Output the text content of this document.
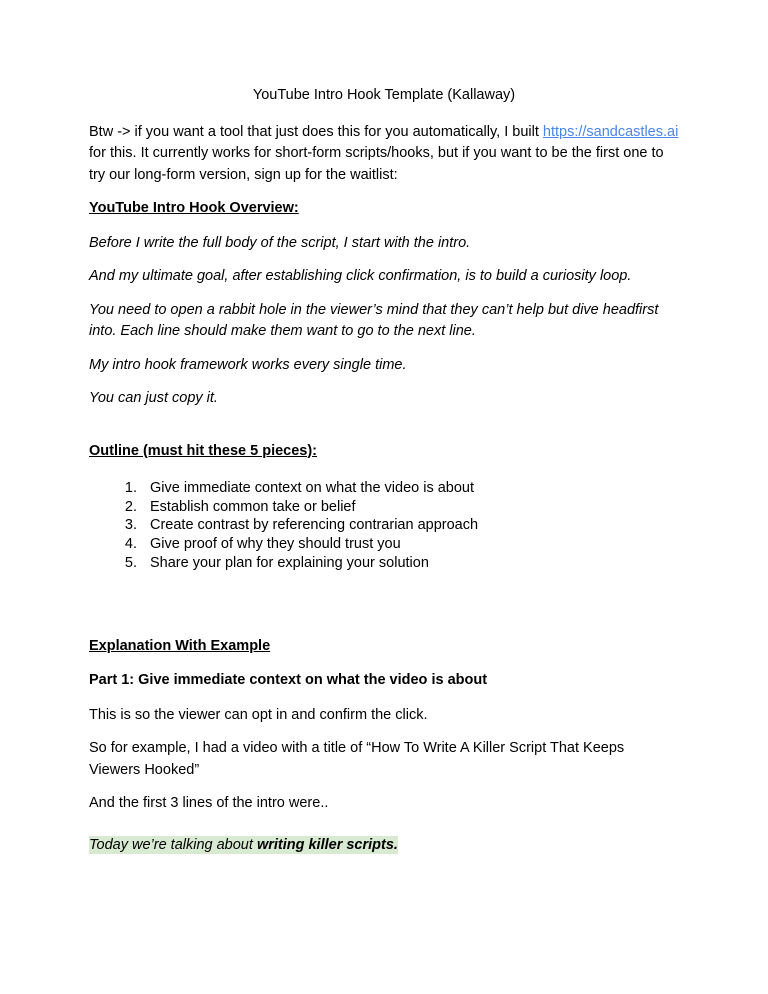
YouTube Intro Hook Template (Kallaway)

Btw -> if you want a tool that just does this for you automatically, I built https://sandcastles.ai for this. It currently works for short-form scripts/hooks, but if you want to be the first one to try our long-form version, sign up for the waitlist:

YouTube Intro Hook Overview:

Before I write the full body of the script, I start with the intro.

And my ultimate goal, after establishing click confirmation, is to build a curiosity loop.

You need to open a rabbit hole in the viewer’s mind that they can’t help but dive headfirst into. Each line should make them want to go to the next line.

My intro hook framework works every single time.

You can just copy it.

Outline (must hit these 5 pieces):

1. Give immediate context on what the video is about
2. Establish common take or belief
3. Create contrast by referencing contrarian approach
4. Give proof of why they should trust you
5. Share your plan for explaining your solution

Explanation With Example

Part 1: Give immediate context on what the video is about

This is so the viewer can opt in and confirm the click.

So for example, I had a video with a title of “How To Write A Killer Script That Keeps Viewers Hooked”

And the first 3 lines of the intro were..

Today we’re talking about writing killer scripts.
